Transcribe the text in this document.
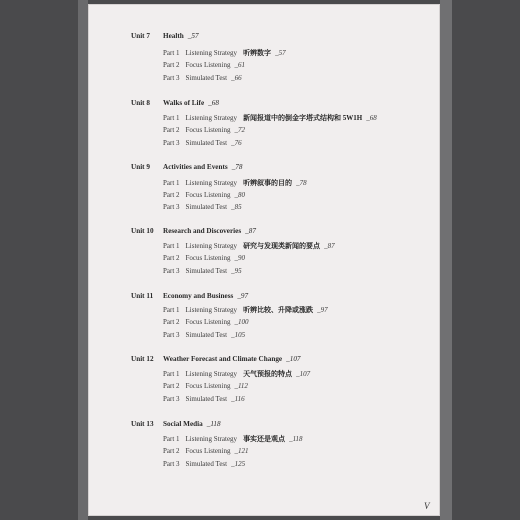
Unit 7 Health _ 57
Part 1 Listening Strategy 听辨数字 _ 57
Part 2 Focus Listening _ 61
Part 3 Simulated Test _ 66
Unit 8 Walks of Life _ 68
Part 1 Listening Strategy 新闻报道中的倒金字塔式结构和 5W1H _ 68
Part 2 Focus Listening _ 72
Part 3 Simulated Test _ 76
Unit 9 Activities and Events _ 78
Part 1 Listening Strategy 听辨叙事的目的 _ 78
Part 2 Focus Listening _ 80
Part 3 Simulated Test _ 85
Unit 10 Research and Discoveries _ 87
Part 1 Listening Strategy 研究与发现类新闻的要点 _ 87
Part 2 Focus Listening _ 90
Part 3 Simulated Test _ 95
Unit 11 Economy and Business _ 97
Part 1 Listening Strategy 听辨比较、升降或涨跌 _ 97
Part 2 Focus Listening _ 100
Part 3 Simulated Test _ 105
Unit 12 Weather Forecast and Climate Change _ 107
Part 1 Listening Strategy 天气预报的特点 _ 107
Part 2 Focus Listening _ 112
Part 3 Simulated Test _ 116
Unit 13 Social Media _ 118
Part 1 Listening Strategy 事实还是观点 _ 118
Part 2 Focus Listening _ 121
Part 3 Simulated Test _ 125
V
